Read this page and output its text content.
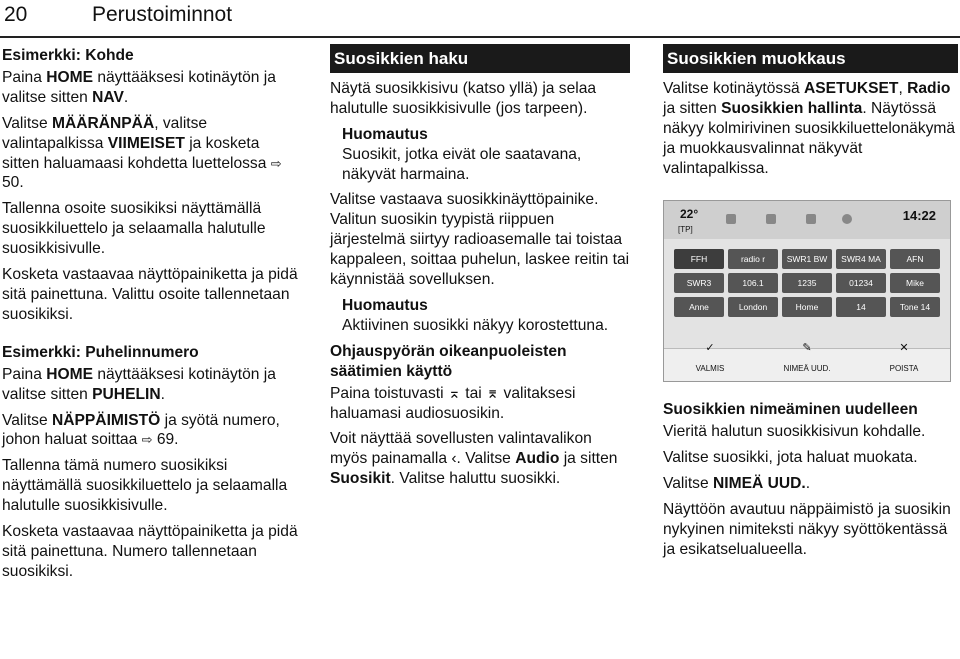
20	Perustoiminnot

Esimerkki: Kohde

Paina HOME näyttääksesi kotinäytön ja valitse sitten NAV.

Valitse MÄÄRÄNPÄÄ, valitse valintapalkissa VIIMEISET ja kosketa sitten haluamaasi kohdetta luettelossa ⇨ 50.

Tallenna osoite suosikiksi näyttämällä suosikkiluettelo ja selaamalla halutulle suosikkisivulle.

Kosketa vastaavaa näyttöpainiketta ja pidä sitä painettuna. Valittu osoite tallennetaan suosikiksi.

Esimerkki: Puhelinnumero

Paina HOME näyttääksesi kotinäytön ja valitse sitten PUHELIN.

Valitse NÄPPÄIMISTÖ ja syötä numero, johon haluat soittaa ⇨ 69.

Tallenna tämä numero suosikiksi näyttämällä suosikkiluettelo ja selaamalla halutulle suosikkisivulle.

Kosketa vastaavaa näyttöpainiketta ja pidä sitä painettuna. Numero tallennetaan suosikiksi.

Suosikkien haku

Näytä suosikkisivu (katso yllä) ja selaa halutulle suosikkisivulle (jos tarpeen).

Huomautus

Suosikit, jotka eivät ole saatavana, näkyvät harmaina.

Valitse vastaava suosikkinäyttöpainike. Valitun suosikin tyypistä riippuen järjestelmä siirtyy radioasemalle tai toistaa kappaleen, soittaa puhelun, laskee reitin tai käynnistää sovelluksen.

Huomautus

Aktiivinen suosikki näkyy korostettuna.

Ohjauspyörän oikeanpuoleisten säätimien käyttö

Paina toistuvasti ⌅ tai ⌆ valitaksesi haluamasi audiosuosikin.

Voit näyttää sovellusten valintavalikon myös painamalla ‹. Valitse Audio ja sitten Suosikit. Valitse haluttu suosikki.

Suosikkien muokkaus

Valitse kotinäytössä ASETUKSET, Radio ja sitten Suosikkien hallinta. Näytössä näkyy kolmirivinen suosikkiluettelonäkymä ja muokkausvalinnat näkyvät valintapalkissa.

22°
[TP]
14:22
FFH	radio r	SWR1 BW	SWR4 MA	AFN
SWR3	106.1	1235	01234	Mike
Anne	London	Home	14	Tone 14
✓
VALMIS
✎
NIMEÄ UUD.
✕
POISTA

Suosikkien nimeäminen uudelleen

Vieritä halutun suosikkisivun kohdalle.

Valitse suosikki, jota haluat muokata.

Valitse NIMEÄ UUD..

Näyttöön avautuu näppäimistö ja suosikin nykyinen nimiteksti näkyy syöttökentässä ja esikatselualueella.
